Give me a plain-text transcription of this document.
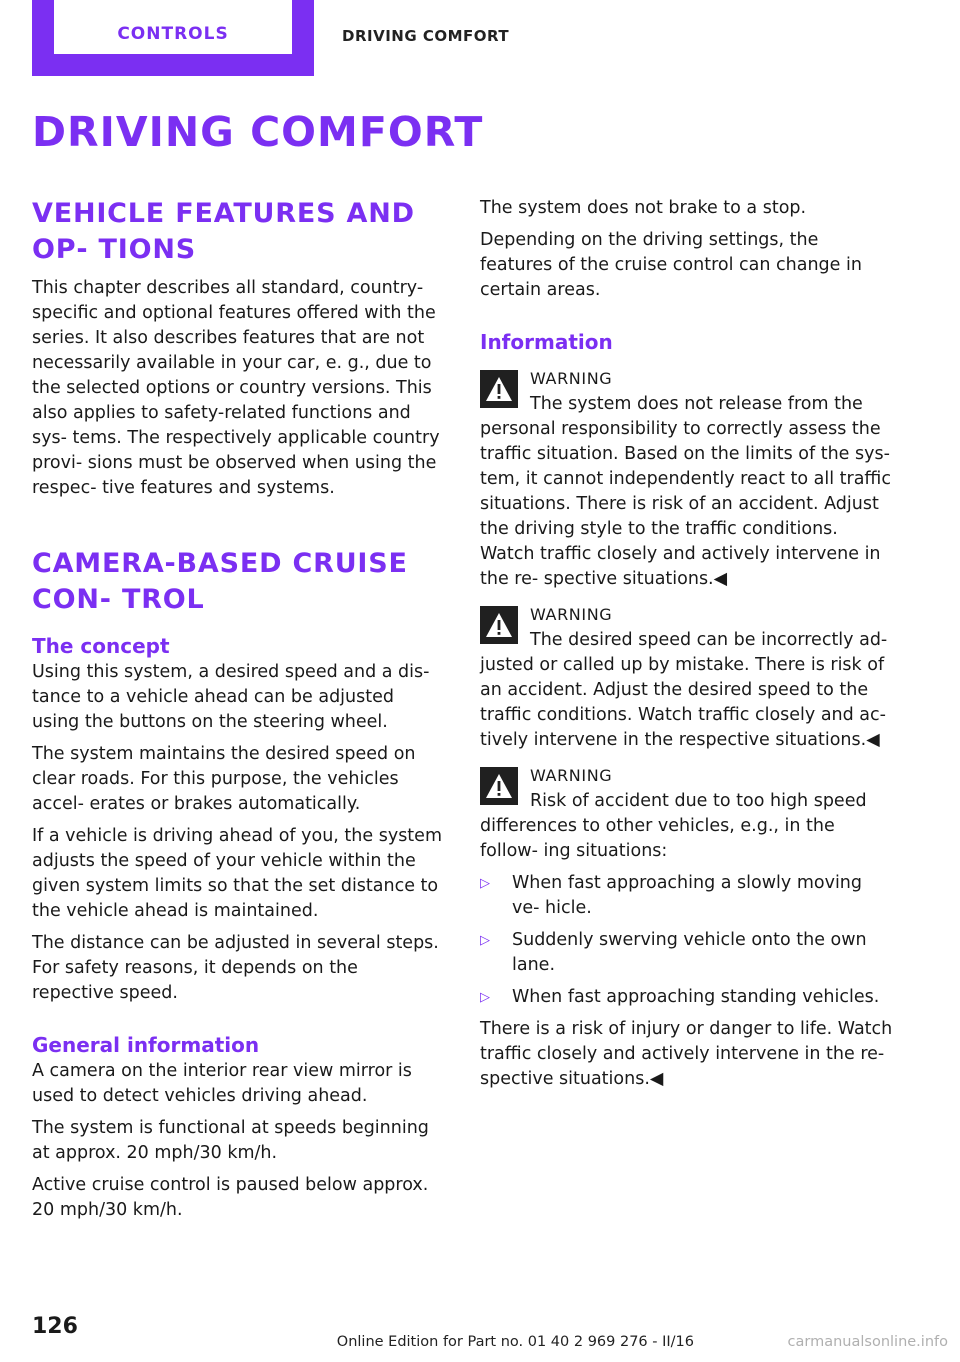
CONTROLS	DRIVING COMFORT
DRIVING COMFORT
VEHICLE FEATURES AND OP‐ TIONS

This chapter describes all standard, country- specific and optional features offered with the series. It also describes features that are not necessarily available in your car, e. g., due to the selected options or country versions. This also applies to safety-related functions and sys‐ tems. The respectively applicable country provi‐ sions must be observed when using the respec‐ tive features and systems.

CAMERA-BASED CRUISE CON‐ TROL
The concept

Using this system, a desired speed and a dis‐ tance to a vehicle ahead can be adjusted using the buttons on the steering wheel.

The system maintains the desired speed on clear roads. For this purpose, the vehicles accel‐ erates or brakes automatically.

If a vehicle is driving ahead of you, the system adjusts the speed of your vehicle within the given system limits so that the set distance to the vehicle ahead is maintained.

The distance can be adjusted in several steps. For safety reasons, it depends on the repective speed.

General information

A camera on the interior rear view mirror is used to detect vehicles driving ahead.

The system is functional at speeds beginning at approx. 20 mph/30 km/h.

Active cruise control is paused below approx. 20 mph/30 km/h.

The system does not brake to a stop.

Depending on the driving settings, the features of the cruise control can change in certain areas.

Information
WARNING
The system does not release from the

personal responsibility to correctly assess the traffic situation. Based on the limits of the sys‐ tem, it cannot independently react to all traffic situations. There is risk of an accident. Adjust the driving style to the traffic conditions. Watch traffic closely and actively intervene in the re‐ spective situations.◀

WARNING
The desired speed can be incorrectly ad‐

justed or called up by mistake. There is risk of an accident. Adjust the desired speed to the traffic conditions. Watch traffic closely and ac‐ tively intervene in the respective situations.◀

WARNING
Risk of accident due to too high speed

differences to other vehicles, e.g., in the follow‐ ing situations:

▷ When fast approaching a slowly moving ve‐ hicle.
▷ Suddenly swerving vehicle onto the own lane.
▷ When fast approaching standing vehicles.

There is a risk of injury or danger to life. Watch traffic closely and actively intervene in the re‐ spective situations.◀

126
Online Edition for Part no. 01 40 2 969 276 - II/16	carmanualsonline.info
